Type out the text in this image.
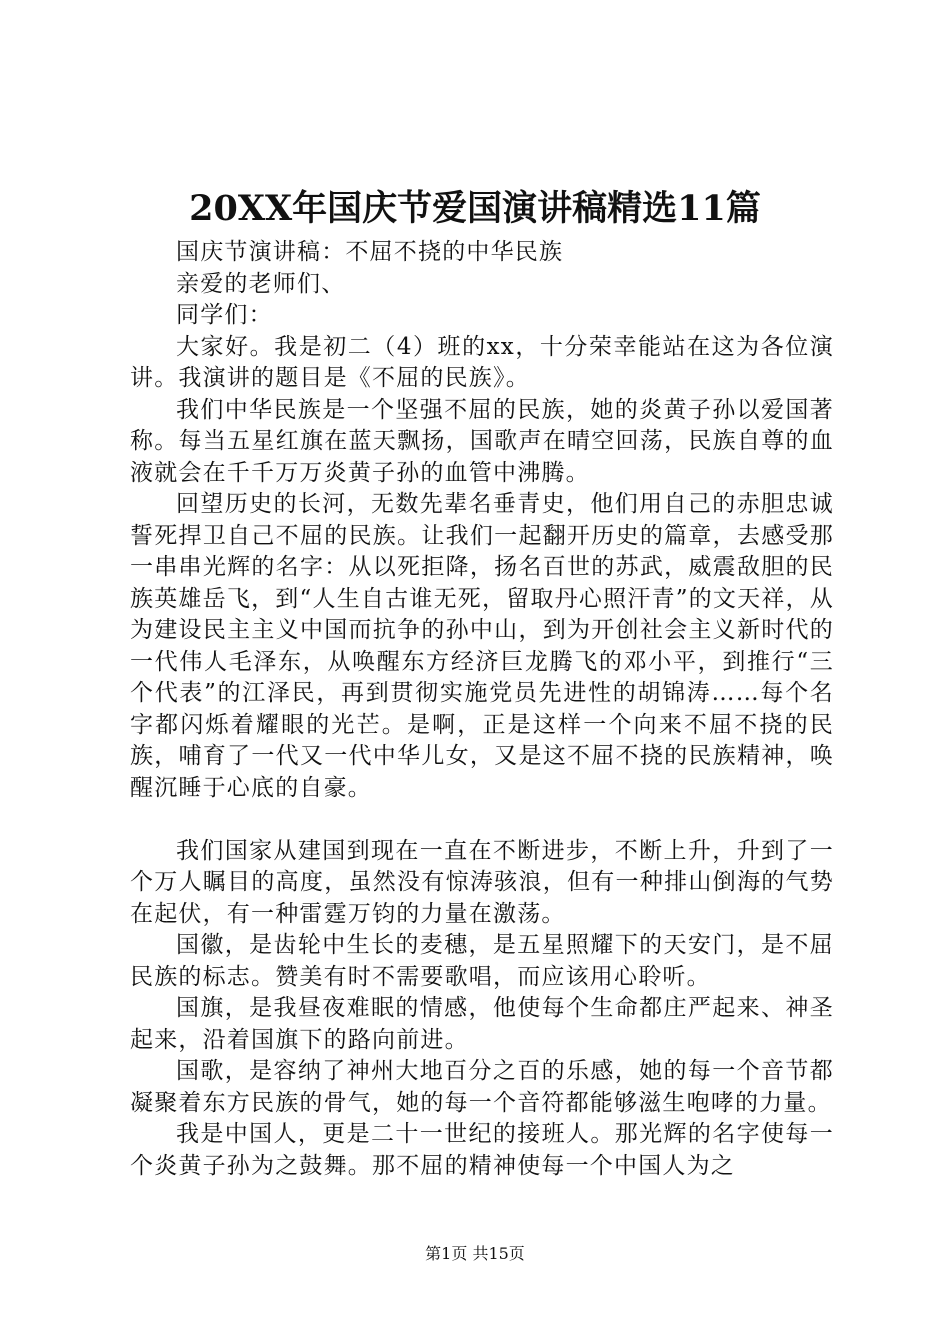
20XX年国庆节爱国演讲稿精选11篇

国庆节演讲稿：不屈不挠的中华民族

亲爱的老师们、

同学们：

大家好。我是初二（4）班的xx，十分荣幸能站在这为各位演讲。我演讲的题目是《不屈的民族》。

我们中华民族是一个坚强不屈的民族，她的炎黄子孙以爱国著称。每当五星红旗在蓝天飘扬，国歌声在晴空回荡，民族自尊的血液就会在千千万万炎黄子孙的血管中沸腾。

回望历史的长河，无数先辈名垂青史，他们用自己的赤胆忠诚誓死捍卫自己不屈的民族。让我们一起翻开历史的篇章，去感受那一串串光辉的名字：从以死拒降，扬名百世的苏武，威震敌胆的民族英雄岳飞，到“人生自古谁无死，留取丹心照汗青”的文天祥，从为建设民主主义中国而抗争的孙中山，到为开创社会主义新时代的一代伟人毛泽东，从唤醒东方经济巨龙腾飞的邓小平，到推行“三个代表”的江泽民，再到贯彻实施党员先进性的胡锦涛……每个名字都闪烁着耀眼的光芒。是啊，正是这样一个向来不屈不挠的民族，哺育了一代又一代中华儿女，又是这不屈不挠的民族精神，唤醒沉睡于心底的自豪。

我们国家从建国到现在一直在不断进步，不断上升，升到了一个万人瞩目的高度，虽然没有惊涛骇浪，但有一种排山倒海的气势在起伏，有一种雷霆万钧的力量在激荡。

国徽，是齿轮中生长的麦穗，是五星照耀下的天安门，是不屈民族的标志。赞美有时不需要歌唱，而应该用心聆听。

国旗，是我昼夜难眠的情感，他使每个生命都庄严起来、神圣起来，沿着国旗下的路向前进。

国歌，是容纳了神州大地百分之百的乐感，她的每一个音节都凝聚着东方民族的骨气，她的每一个音符都能够滋生咆哮的力量。

我是中国人，更是二十一世纪的接班人。那光辉的名字使每一个炎黄子孙为之鼓舞。那不屈的精神使每一个中国人为之

第1页 共15页
